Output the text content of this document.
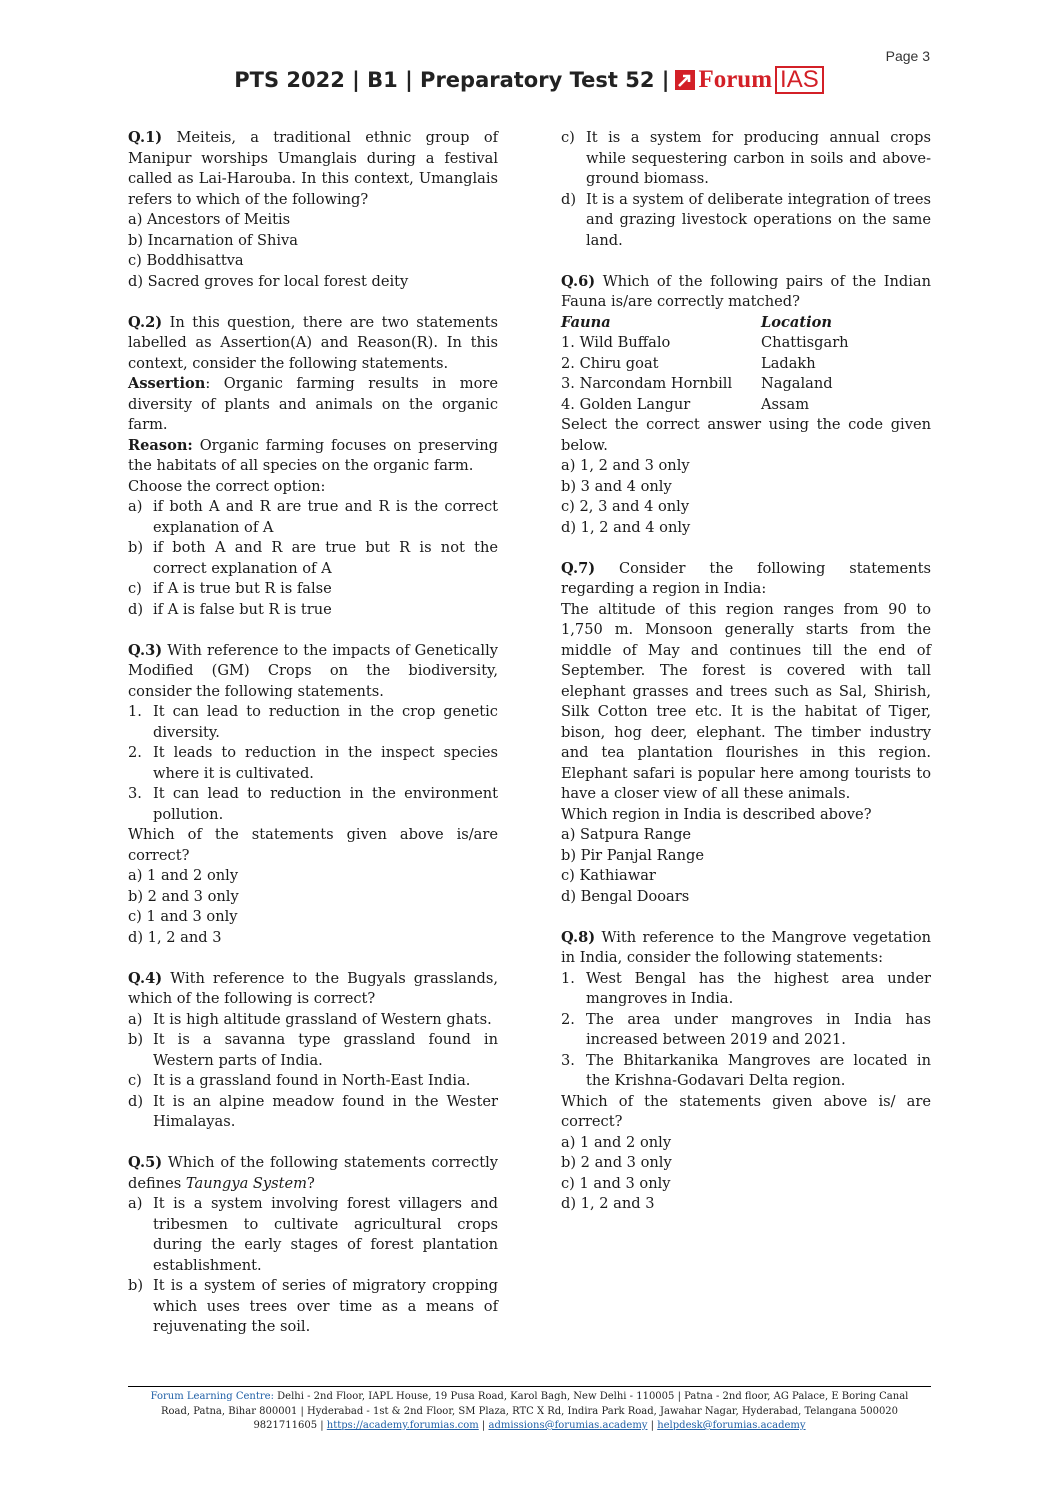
Page 3
PTS 2022 | B1 | Preparatory Test 52 | Forum IAS

Q.1) Meiteis, a traditional ethnic group of Manipur worships Umanglais during a festival called as Lai-Harouba. In this context, Umanglais refers to which of the following?

a) Ancestors of Meitis
b) Incarnation of Shiva
c) Boddhisattva
d) Sacred groves for local forest deity

Q.2) In this question, there are two statements labelled as Assertion(A) and Reason(R). In this context, consider the following statements.

Assertion: Organic farming results in more diversity of plants and animals on the organic farm.

Reason: Organic farming focuses on preserving the habitats of all species on the organic farm.

Choose the correct option:
a) if both A and R are true and R is the correct explanation of A
b) if both A and R are true but R is not the correct explanation of A
c) if A is true but R is false
d) if A is false but R is true

Q.3) With reference to the impacts of Genetically Modified (GM) Crops on the biodiversity, consider the following statements.

1. It can lead to reduction in the crop genetic diversity.
2. It leads to reduction in the inspect species where it is cultivated.
3. It can lead to reduction in the environment pollution.

Which of the statements given above is/are correct?

a) 1 and 2 only
b) 2 and 3 only
c) 1 and 3 only
d) 1, 2 and 3

Q.4) With reference to the Bugyals grasslands, which of the following is correct?

a) It is high altitude grassland of Western ghats.
b) It is a savanna type grassland found in Western parts of India.
c) It is a grassland found in North-East India.
d) It is an alpine meadow found in the Wester Himalayas.

Q.5) Which of the following statements correctly defines Taungya System?

a) It is a system involving forest villagers and tribesmen to cultivate agricultural crops during the early stages of forest plantation establishment.
b) It is a system of series of migratory cropping which uses trees over time as a means of rejuvenating the soil.
c) It is a system for producing annual crops while sequestering carbon in soils and above-ground biomass.
d) It is a system of deliberate integration of trees and grazing livestock operations on the same land.

Q.6) Which of the following pairs of the Indian Fauna is/are correctly matched?

Fauna	Location
1. Wild Buffalo	Chattisgarh
2. Chiru goat	Ladakh
3. Narcondam Hornbill	Nagaland
4. Golden Langur	Assam

Select the correct answer using the code given below.

a) 1, 2 and 3 only
b) 3 and 4 only
c) 2, 3 and 4 only
d) 1, 2 and 4 only

Q.7) Consider the following statements regarding a region in India:

The altitude of this region ranges from 90 to 1,750 m. Monsoon generally starts from the middle of May and continues till the end of September. The forest is covered with tall elephant grasses and trees such as Sal, Shirish, Silk Cotton tree etc. It is the habitat of Tiger, bison, hog deer, elephant. The timber industry and tea plantation flourishes in this region. Elephant safari is popular here among tourists to have a closer view of all these animals.

Which region in India is described above?

a) Satpura Range
b) Pir Panjal Range
c) Kathiawar
d) Bengal Dooars

Q.8) With reference to the Mangrove vegetation in India, consider the following statements:

1. West Bengal has the highest area under mangroves in India.
2. The area under mangroves in India has increased between 2019 and 2021.
3. The Bhitarkanika Mangroves are located in the Krishna-Godavari Delta region.

Which of the statements given above is/ are correct?

a) 1 and 2 only
b) 2 and 3 only
c) 1 and 3 only
d) 1, 2 and 3
Forum Learning Centre: Delhi - 2nd Floor, IAPL House, 19 Pusa Road, Karol Bagh, New Delhi - 110005 | Patna - 2nd floor, AG Palace, E Boring Canal
Road, Patna, Bihar 800001 | Hyderabad - 1st & 2nd Floor, SM Plaza, RTC X Rd, Indira Park Road, Jawahar Nagar, Hyderabad, Telangana 500020
9821711605 | https://academy.forumias.com | admissions@forumias.academy | helpdesk@forumias.academy
